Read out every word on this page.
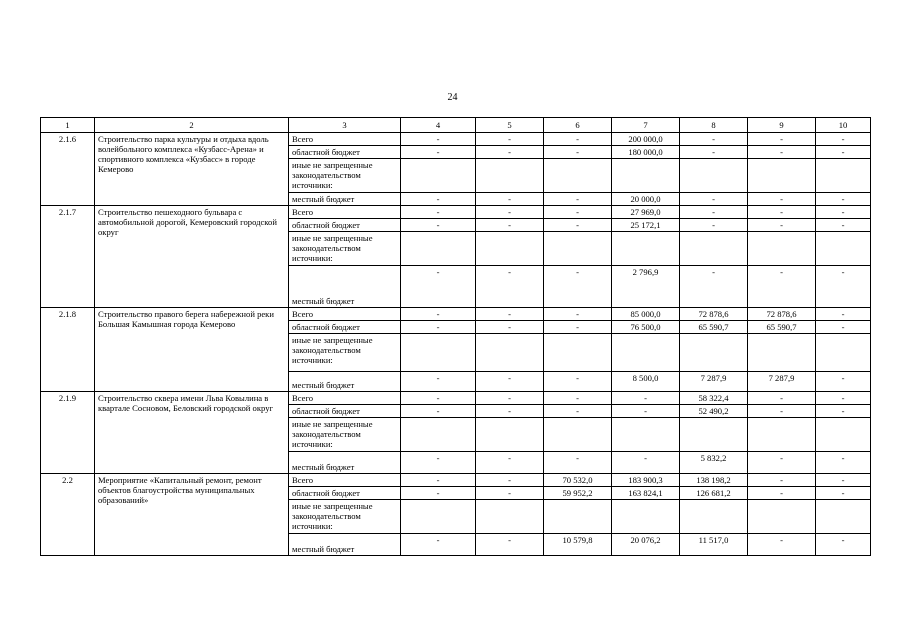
24
1	2	3	4	5	6	7	8	9	10
2.1.6	Строительство парка культуры и отдыха вдоль волейбольного комплекса «Кузбасс-Арена» и спортивного комплекса «Кузбасс» в городе Кемерово	Всего	-	-	-	200 000,0	-	-	-
		областной бюджет	-	-	-	180 000,0	-	-	-
		иные не запрещенные законодательством источники:							
		местный бюджет	-	-	-	20 000,0	-	-	-
2.1.7	Строительство пешеходного бульвара с автомобильной дорогой, Кемеровский городской округ	Всего	-	-	-	27 969,0	-	-	-
		областной бюджет	-	-	-	25 172,1	-	-	-
		иные не запрещенные законодательством источники:							
		местный бюджет	-	-	-	2 796,9	-	-	-
2.1.8	Строительство правого берега набережной реки Большая Камышная города Кемерово	Всего	-	-	-	85 000,0	72 878,6	72 878,6	-
		областной бюджет	-	-	-	76 500,0	65 590,7	65 590,7	-
		иные не запрещенные законодательством источники:							
		местный бюджет	-	-	-	8 500,0	7 287,9	7 287,9	-
2.1.9	Строительство сквера имени Льва Ковылина в квартале Сосновом, Беловский городской округ	Всего	-	-	-	-	58 322,4	-	-
		областной бюджет	-	-	-	-	52 490,2	-	-
		иные не запрещенные законодательством источники:							
		местный бюджет	-	-	-	-	5 832,2	-	-
2.2	Мероприятие «Капитальный ремонт, ремонт объектов благоустройства муниципальных образований»	Всего	-	-	70 532,0	183 900,3	138 198,2	-	-
		областной бюджет	-	-	59 952,2	163 824,1	126 681,2	-	-
		иные не запрещенные законодательством источники:							
		местный бюджет	-	-	10 579,8	20 076,2	11 517,0	-	-
